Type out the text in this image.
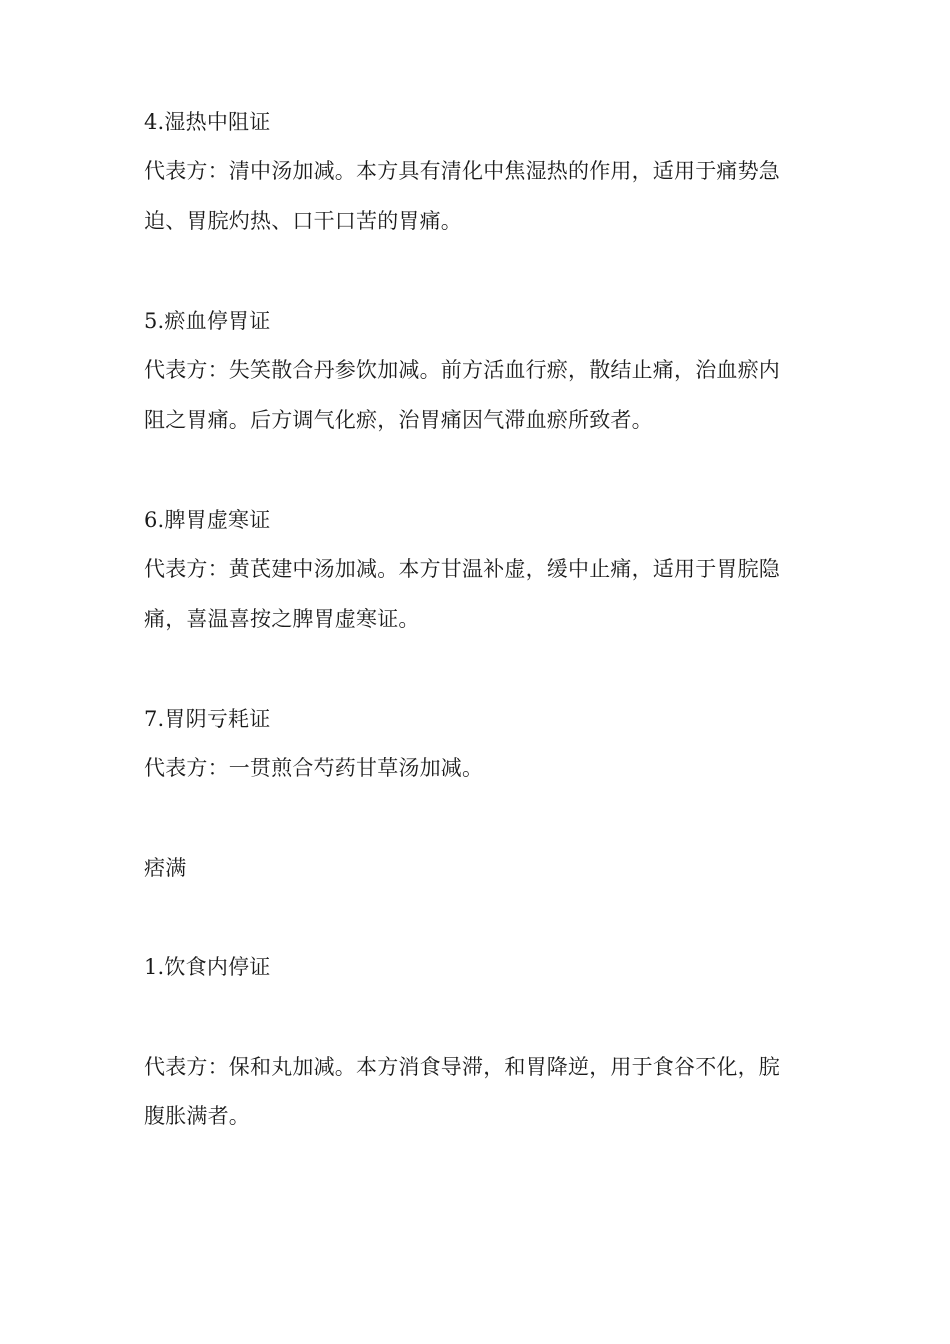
4.湿热中阻证
代表方：清中汤加减。本方具有清化中焦湿热的作用，适用于痛势急
迫、胃脘灼热、口干口苦的胃痛。
5.瘀血停胃证
代表方：失笑散合丹参饮加减。前方活血行瘀，散结止痛，治血瘀内
阻之胃痛。后方调气化瘀，治胃痛因气滞血瘀所致者。
6.脾胃虚寒证
代表方：黄芪建中汤加减。本方甘温补虚，缓中止痛，适用于胃脘隐
痛，喜温喜按之脾胃虚寒证。
7.胃阴亏耗证
代表方：一贯煎合芍药甘草汤加减。
痞满
1.饮食内停证
代表方：保和丸加减。本方消食导滞，和胃降逆，用于食谷不化，脘
腹胀满者。
